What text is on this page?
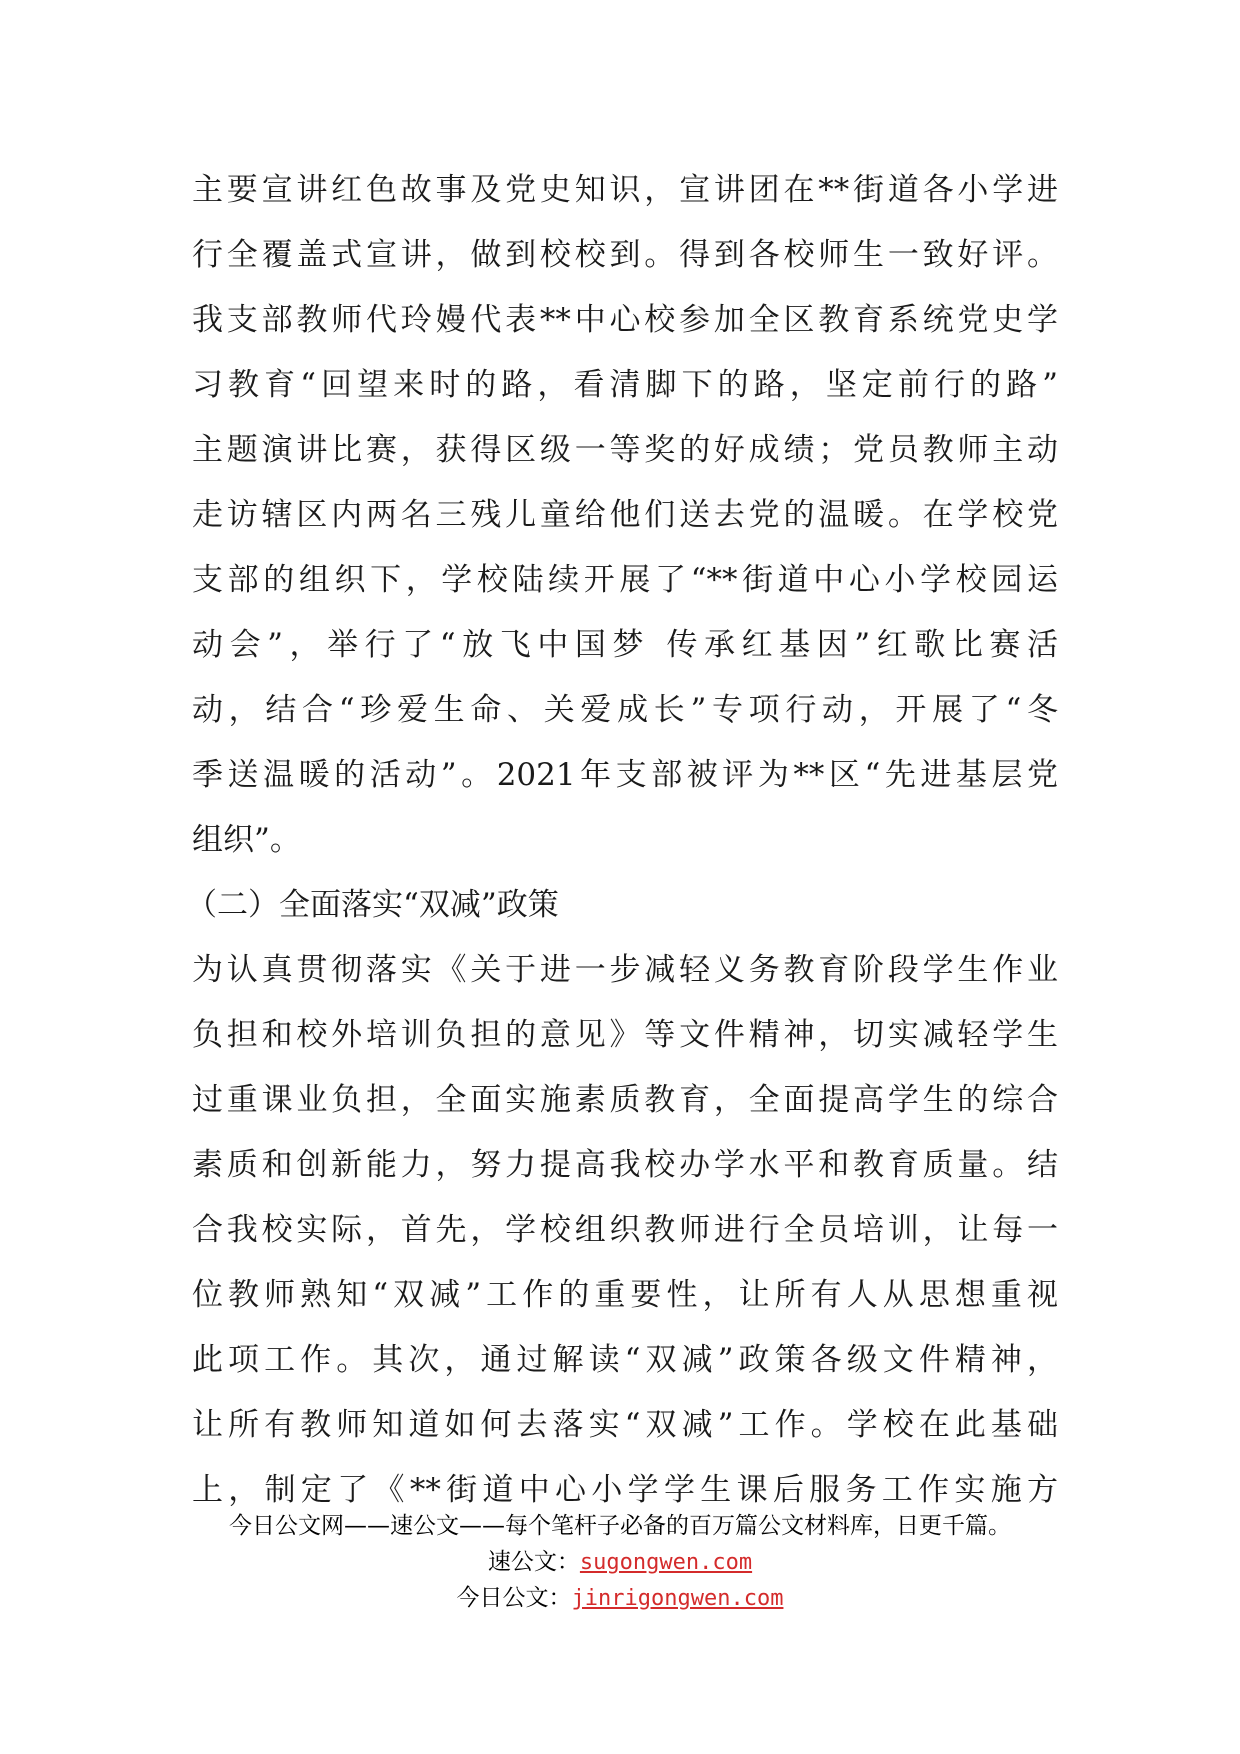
主要宣讲红色故事及党史知识，宣讲团在**街道各小学进
行全覆盖式宣讲，做到校校到。得到各校师生一致好评。
我支部教师代玲嫚代表**中心校参加全区教育系统党史学
习教育“回望来时的路，看清脚下的路，坚定前行的路”
主题演讲比赛，获得区级一等奖的好成绩；党员教师主动
走访辖区内两名三残儿童给他们送去党的温暖。在学校党
支部的组织下，学校陆续开展了“**街道中心小学校园运
动会”，举行了“放飞中国梦 传承红基因”红歌比赛活
动，结合“珍爱生命、关爱成长”专项行动，开展了“冬
季送温暖的活动”。2021年支部被评为**区“先进基层党
组织”。
（二）全面落实“双减”政策
为认真贯彻落实《关于进一步减轻义务教育阶段学生作业
负担和校外培训负担的意见》等文件精神，切实减轻学生
过重课业负担，全面实施素质教育，全面提高学生的综合
素质和创新能力，努力提高我校办学水平和教育质量。结
合我校实际，首先，学校组织教师进行全员培训，让每一
位教师熟知“双减”工作的重要性，让所有人从思想重视
此项工作。其次，通过解读“双减”政策各级文件精神，
让所有教师知道如何去落实“双减”工作。学校在此基础
上，制定了《**街道中心小学学生课后服务工作实施方
今日公文网——速公文——每个笔杆子必备的百万篇公文材料库，日更千篇。
速公文：sugongwen.com
今日公文：jinrigongwen.com
